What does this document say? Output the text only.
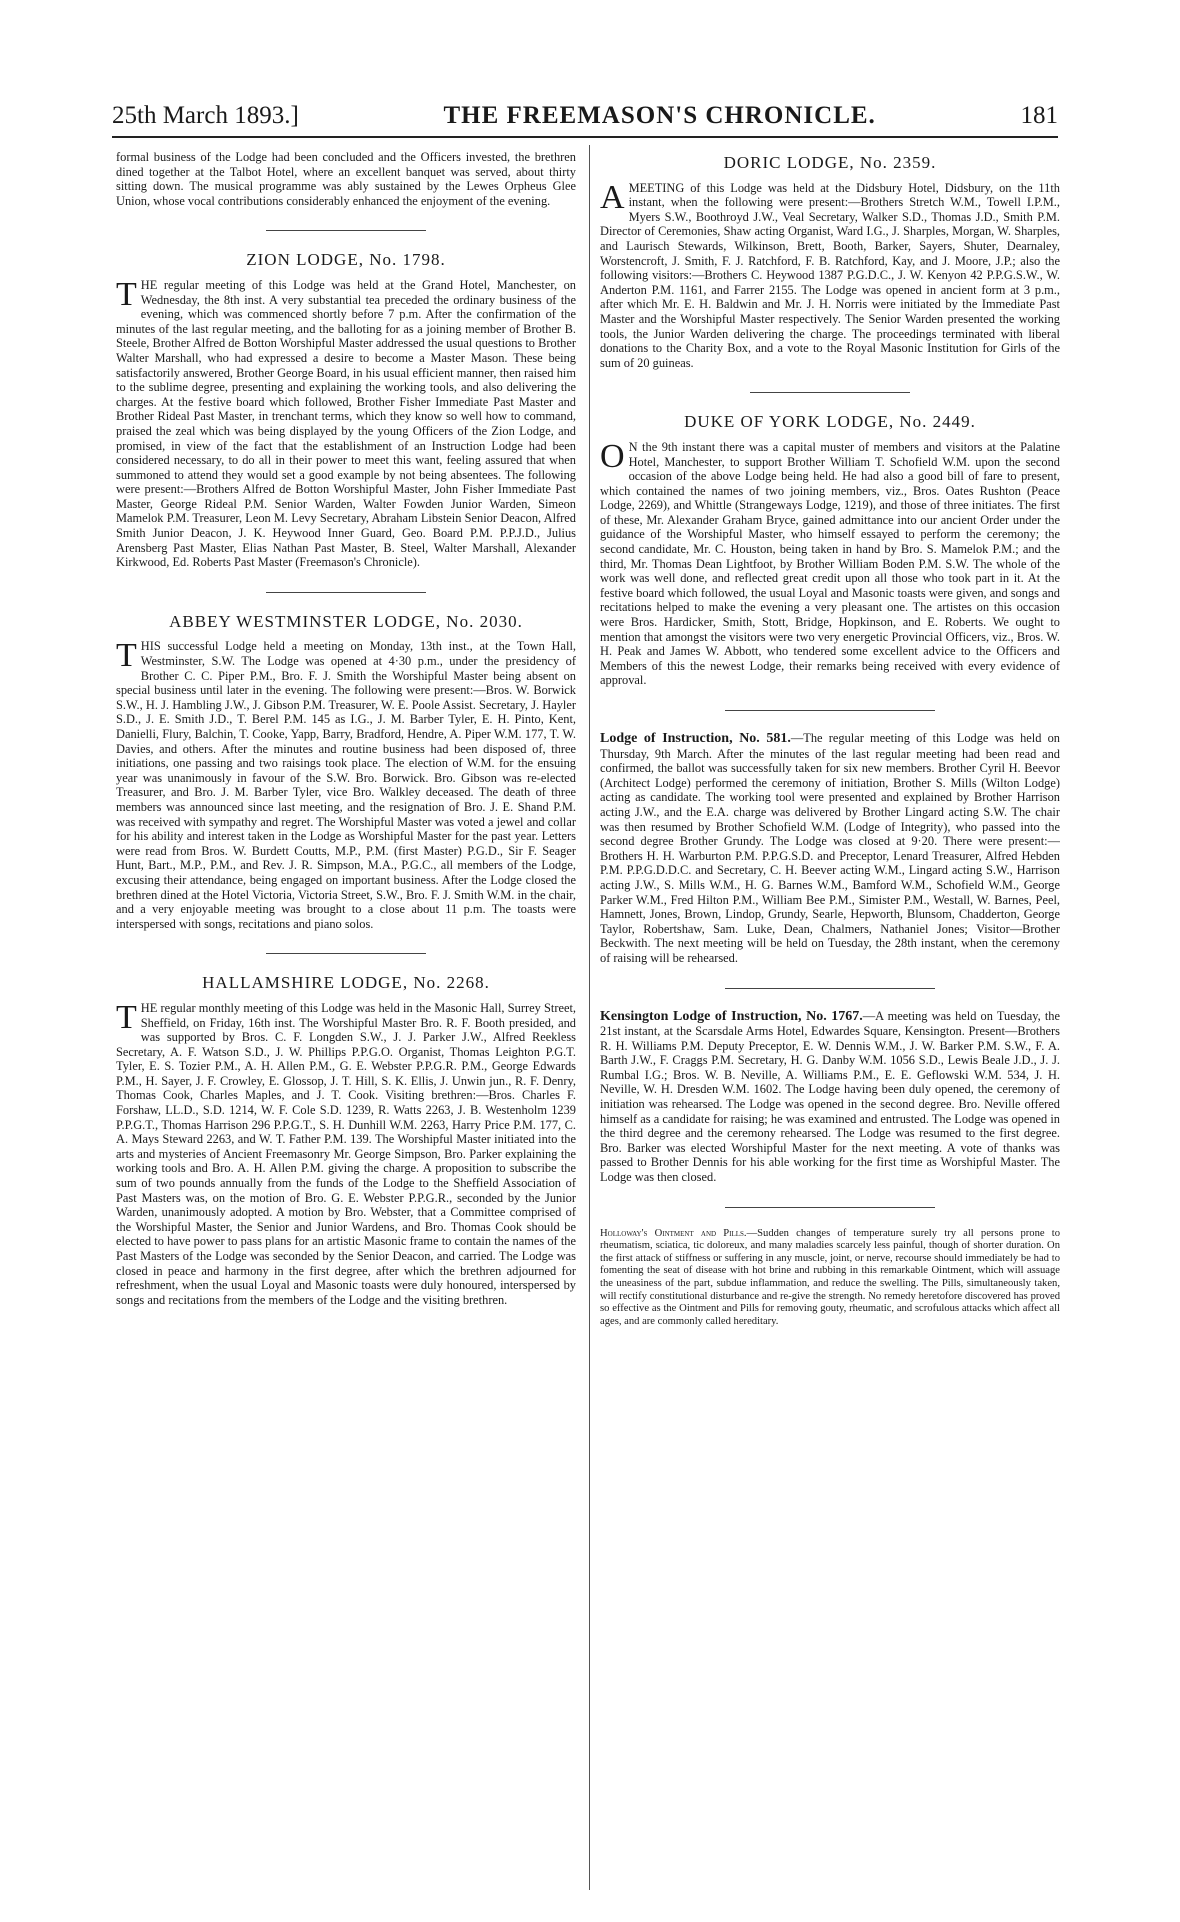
25th March 1893.]	THE FREEMASON'S CHRONICLE.	181

formal business of the Lodge had been concluded and the Officers invested, the brethren dined together at the Talbot Hotel, where an excellent banquet was served, about thirty sitting down. The musical programme was ably sustained by the Lewes Orpheus Glee Union, whose vocal contributions considerably enhanced the enjoyment of the evening.

ZION LODGE, No. 1798.

THE regular meeting of this Lodge was held at the Grand Hotel, Manchester, on Wednesday, the 8th inst. A very substantial tea preceded the ordinary business of the evening, which was commenced shortly before 7 p.m. After the confirmation of the minutes of the last regular meeting, and the balloting for as a joining member of Brother B. Steele, Brother Alfred de Botton Worshipful Master addressed the usual questions to Brother Walter Marshall, who had expressed a desire to become a Master Mason. These being satisfactorily answered, Brother George Board, in his usual efficient manner, then raised him to the sublime degree, presenting and explaining the working tools, and also delivering the charges. At the festive board which followed, Brother Fisher Immediate Past Master and Brother Rideal Past Master, in trenchant terms, which they know so well how to command, praised the zeal which was being displayed by the young Officers of the Zion Lodge, and promised, in view of the fact that the establishment of an Instruction Lodge had been considered necessary, to do all in their power to meet this want, feeling assured that when summoned to attend they would set a good example by not being absentees. The following were present:—Brothers Alfred de Botton Worshipful Master, John Fisher Immediate Past Master, George Rideal P.M. Senior Warden, Walter Fowden Junior Warden, Simeon Mamelok P.M. Treasurer, Leon M. Levy Secretary, Abraham Libstein Senior Deacon, Alfred Smith Junior Deacon, J. K. Heywood Inner Guard, Geo. Board P.M. P.P.J.D., Julius Arensberg Past Master, Elias Nathan Past Master, B. Steel, Walter Marshall, Alexander Kirkwood, Ed. Roberts Past Master (Freemason's Chronicle).

ABBEY WESTMINSTER LODGE, No. 2030.

THIS successful Lodge held a meeting on Monday, 13th inst., at the Town Hall, Westminster, S.W. The Lodge was opened at 4·30 p.m., under the presidency of Brother C. C. Piper P.M., Bro. F. J. Smith the Worshipful Master being absent on special business until later in the evening. The following were present:—Bros. W. Borwick S.W., H. J. Hambling J.W., J. Gibson P.M. Treasurer, W. E. Poole Assist. Secretary, J. Hayler S.D., J. E. Smith J.D., T. Berel P.M. 145 as I.G., J. M. Barber Tyler, E. H. Pinto, Kent, Danielli, Flury, Balchin, T. Cooke, Yapp, Barry, Bradford, Hendre, A. Piper W.M. 177, T. W. Davies, and others. After the minutes and routine business had been disposed of, three initiations, one passing and two raisings took place. The election of W.M. for the ensuing year was unanimously in favour of the S.W. Bro. Borwick. Bro. Gibson was re-elected Treasurer, and Bro. J. M. Barber Tyler, vice Bro. Walkley deceased. The death of three members was announced since last meeting, and the resignation of Bro. J. E. Shand P.M. was received with sympathy and regret. The Worshipful Master was voted a jewel and collar for his ability and interest taken in the Lodge as Worshipful Master for the past year. Letters were read from Bros. W. Burdett Coutts, M.P., P.M. (first Master) P.G.D., Sir F. Seager Hunt, Bart., M.P., P.M., and Rev. J. R. Simpson, M.A., P.G.C., all members of the Lodge, excusing their attendance, being engaged on important business. After the Lodge closed the brethren dined at the Hotel Victoria, Victoria Street, S.W., Bro. F. J. Smith W.M. in the chair, and a very enjoyable meeting was brought to a close about 11 p.m. The toasts were interspersed with songs, recitations and piano solos.

HALLAMSHIRE LODGE, No. 2268.

THE regular monthly meeting of this Lodge was held in the Masonic Hall, Surrey Street, Sheffield, on Friday, 16th inst. The Worshipful Master Bro. R. F. Booth presided, and was supported by Bros. C. F. Longden S.W., J. J. Parker J.W., Alfred Reekless Secretary, A. F. Watson S.D., J. W. Phillips P.P.G.O. Organist, Thomas Leighton P.G.T. Tyler, E. S. Tozier P.M., A. H. Allen P.M., G. E. Webster P.P.G.R. P.M., George Edwards P.M., H. Sayer, J. F. Crowley, E. Glossop, J. T. Hill, S. K. Ellis, J. Unwin jun., R. F. Denry, Thomas Cook, Charles Maples, and J. T. Cook. Visiting brethren:—Bros. Charles F. Forshaw, LL.D., S.D. 1214, W. F. Cole S.D. 1239, R. Watts 2263, J. B. Westenholm 1239 P.P.G.T., Thomas Harrison 296 P.P.G.T., S. H. Dunhill W.M. 2263, Harry Price P.M. 177, C. A. Mays Steward 2263, and W. T. Father P.M. 139. The Worshipful Master initiated into the arts and mysteries of Ancient Freemasonry Mr. George Simpson, Bro. Parker explaining the working tools and Bro. A. H. Allen P.M. giving the charge. A proposition to subscribe the sum of two pounds annually from the funds of the Lodge to the Sheffield Association of Past Masters was, on the motion of Bro. G. E. Webster P.P.G.R., seconded by the Junior Warden, unanimously adopted. A motion by Bro. Webster, that a Committee comprised of the Worshipful Master, the Senior and Junior Wardens, and Bro. Thomas Cook should be elected to have power to pass plans for an artistic Masonic frame to contain the names of the Past Masters of the Lodge was seconded by the Senior Deacon, and carried. The Lodge was closed in peace and harmony in the first degree, after which the brethren adjourned for refreshment, when the usual Loyal and Masonic toasts were duly honoured, interspersed by songs and recitations from the members of the Lodge and the visiting brethren.

DORIC LODGE, No. 2359.

A MEETING of this Lodge was held at the Didsbury Hotel, Didsbury, on the 11th instant, when the following were present:—Brothers Stretch W.M., Towell I.P.M., Myers S.W., Boothroyd J.W., Veal Secretary, Walker S.D., Thomas J.D., Smith P.M. Director of Ceremonies, Shaw acting Organist, Ward I.G., J. Sharples, Morgan, W. Sharples, and Laurisch Stewards, Wilkinson, Brett, Booth, Barker, Sayers, Shuter, Dearnaley, Worstencroft, J. Smith, F. J. Ratchford, F. B. Ratchford, Kay, and J. Moore, J.P.; also the following visitors:—Brothers C. Heywood 1387 P.G.D.C., J. W. Kenyon 42 P.P.G.S.W., W. Anderton P.M. 1161, and Farrer 2155. The Lodge was opened in ancient form at 3 p.m., after which Mr. E. H. Baldwin and Mr. J. H. Norris were initiated by the Immediate Past Master and the Worshipful Master respectively. The Senior Warden presented the working tools, the Junior Warden delivering the charge. The proceedings terminated with liberal donations to the Charity Box, and a vote to the Royal Masonic Institution for Girls of the sum of 20 guineas.

DUKE OF YORK LODGE, No. 2449.

O N the 9th instant there was a capital muster of members and visitors at the Palatine Hotel, Manchester, to support Brother William T. Schofield W.M. upon the second occasion of the above Lodge being held. He had also a good bill of fare to present, which contained the names of two joining members, viz., Bros. Oates Rushton (Peace Lodge, 2269), and Whittle (Strangeways Lodge, 1219), and those of three initiates. The first of these, Mr. Alexander Graham Bryce, gained admittance into our ancient Order under the guidance of the Worshipful Master, who himself essayed to perform the ceremony; the second candidate, Mr. C. Houston, being taken in hand by Bro. S. Mamelok P.M.; and the third, Mr. Thomas Dean Lightfoot, by Brother William Boden P.M. S.W. The whole of the work was well done, and reflected great credit upon all those who took part in it. At the festive board which followed, the usual Loyal and Masonic toasts were given, and songs and recitations helped to make the evening a very pleasant one. The artistes on this occasion were Bros. Hardicker, Smith, Stott, Bridge, Hopkinson, and E. Roberts. We ought to mention that amongst the visitors were two very energetic Provincial Officers, viz., Bros. W. H. Peak and James W. Abbott, who tendered some excellent advice to the Officers and Members of this the newest Lodge, their remarks being received with every evidence of approval.

Lodge of Instruction, No. 581.—The regular meeting of this Lodge was held on Thursday, 9th March. After the minutes of the last regular meeting had been read and confirmed, the ballot was successfully taken for six new members. Brother Cyril H. Beevor (Architect Lodge) performed the ceremony of initiation, Brother S. Mills (Wilton Lodge) acting as candidate. The working tool were presented and explained by Brother Harrison acting J.W., and the E.A. charge was delivered by Brother Lingard acting S.W. The chair was then resumed by Brother Schofield W.M. (Lodge of Integrity), who passed into the second degree Brother Grundy. The Lodge was closed at 9·20. There were present:—Brothers H. H. Warburton P.M. P.P.G.S.D. and Preceptor, Lenard Treasurer, Alfred Hebden P.M. P.P.G.D.D.C. and Secretary, C. H. Beever acting W.M., Lingard acting S.W., Harrison acting J.W., S. Mills W.M., H. G. Barnes W.M., Bamford W.M., Schofield W.M., George Parker W.M., Fred Hilton P.M., William Bee P.M., Simister P.M., Westall, W. Barnes, Peel, Hamnett, Jones, Brown, Lindop, Grundy, Searle, Hepworth, Blunsom, Chadderton, George Taylor, Robertshaw, Sam. Luke, Dean, Chalmers, Nathaniel Jones; Visitor—Brother Beckwith. The next meeting will be held on Tuesday, the 28th instant, when the ceremony of raising will be rehearsed.

Kensington Lodge of Instruction, No. 1767.—A meeting was held on Tuesday, the 21st instant, at the Scarsdale Arms Hotel, Edwardes Square, Kensington. Present—Brothers R. H. Williams P.M. Deputy Preceptor, E. W. Dennis W.M., J. W. Barker P.M. S.W., F. A. Barth J.W., F. Craggs P.M. Secretary, H. G. Danby W.M. 1056 S.D., Lewis Beale J.D., J. J. Rumbal I.G.; Bros. W. B. Neville, A. Williams P.M., E. E. Geflowski W.M. 534, J. H. Neville, W. H. Dresden W.M. 1602. The Lodge having been duly opened, the ceremony of initiation was rehearsed. The Lodge was opened in the second degree. Bro. Neville offered himself as a candidate for raising; he was examined and entrusted. The Lodge was opened in the third degree and the ceremony rehearsed. The Lodge was resumed to the first degree. Bro. Barker was elected Worshipful Master for the next meeting. A vote of thanks was passed to Brother Dennis for his able working for the first time as Worshipful Master. The Lodge was then closed.

Holloway's Ointment and Pills.—Sudden changes of temperature surely try all persons prone to rheumatism, sciatica, tic doloreux, and many maladies scarcely less painful, though of shorter duration. On the first attack of stiffness or suffering in any muscle, joint, or nerve, recourse should immediately be had to fomenting the seat of disease with hot brine and rubbing in this remarkable Ointment, which will assuage the uneasiness of the part, subdue inflammation, and reduce the swelling. The Pills, simultaneously taken, will rectify constitutional disturbance and re-give the strength. No remedy heretofore discovered has proved so effective as the Ointment and Pills for removing gouty, rheumatic, and scrofulous attacks which affect all ages, and are commonly called hereditary.
